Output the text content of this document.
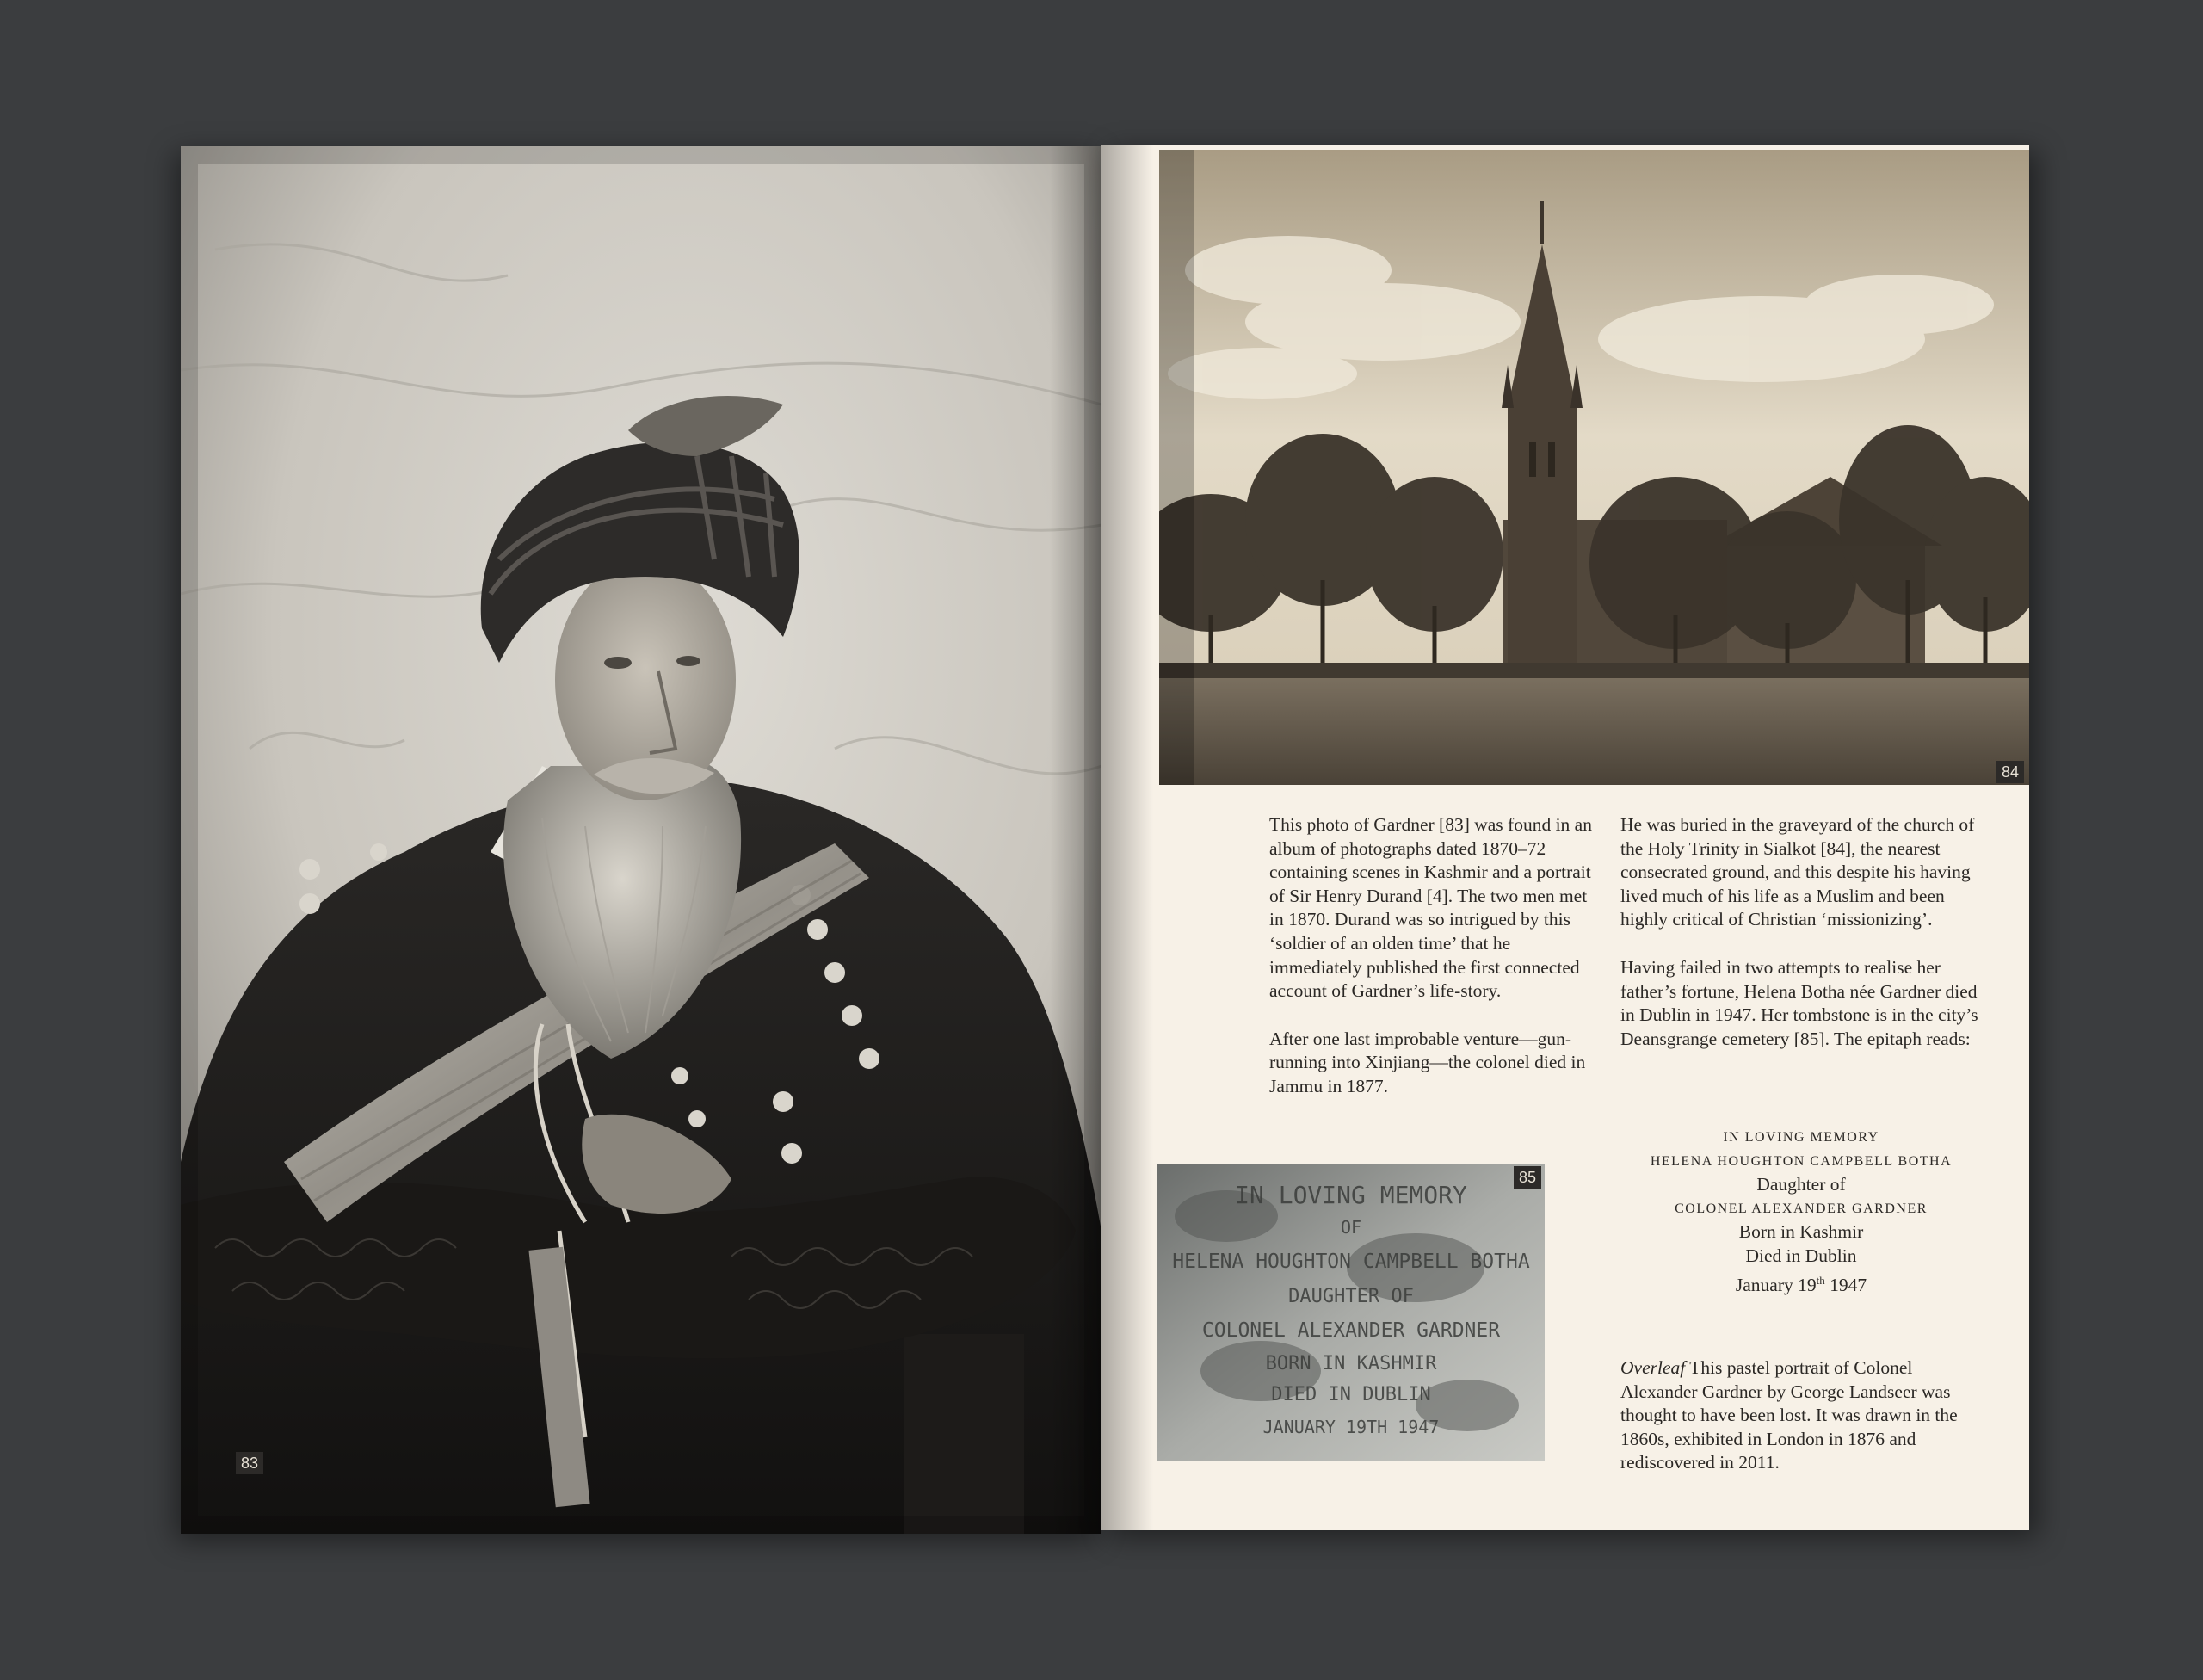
83
84

This photo of Gardner [83] was found in an album of photographs dated 1870–72 containing scenes in Kashmir and a portrait of Sir Henry Durand [4]. The two men met in 1870. Durand was so intrigued by this ‘soldier of an olden time’ that he immediately published the first connected account of Gardner’s life-story.

After one last improbable venture—gun-running into Xinjiang—the colonel died in Jammu in 1877.

He was buried in the graveyard of the church of the Holy Trinity in Sialkot [84], the nearest consecrated ground, and this despite his having lived much of his life as a Muslim and been highly critical of Christian ‘missionizing’.

Having failed in two attempts to realise her father’s fortune, Helena Botha née Gardner died in Dublin in 1947. Her tombstone is in the city’s Deansgrange cemetery [85]. The epitaph reads:

IN LOVING MEMORY
OF
HELENA HOUGHTON CAMPBELL BOTHA
DAUGHTER OF
COLONEL ALEXANDER GARDNER
BORN IN KASHMIR
DIED IN DUBLIN
JANUARY 19TH 1947
85
IN LOVING MEMORY
HELENA HOUGHTON CAMPBELL BOTHA
Daughter of
COLONEL ALEXANDER GARDNER
Born in Kashmir
Died in Dublin
January 19th 1947
Overleaf This pastel portrait of Colonel Alexander Gardner by George Landseer was thought to have been lost. It was drawn in the 1860s, exhibited in London in 1876 and rediscovered in 2011.
